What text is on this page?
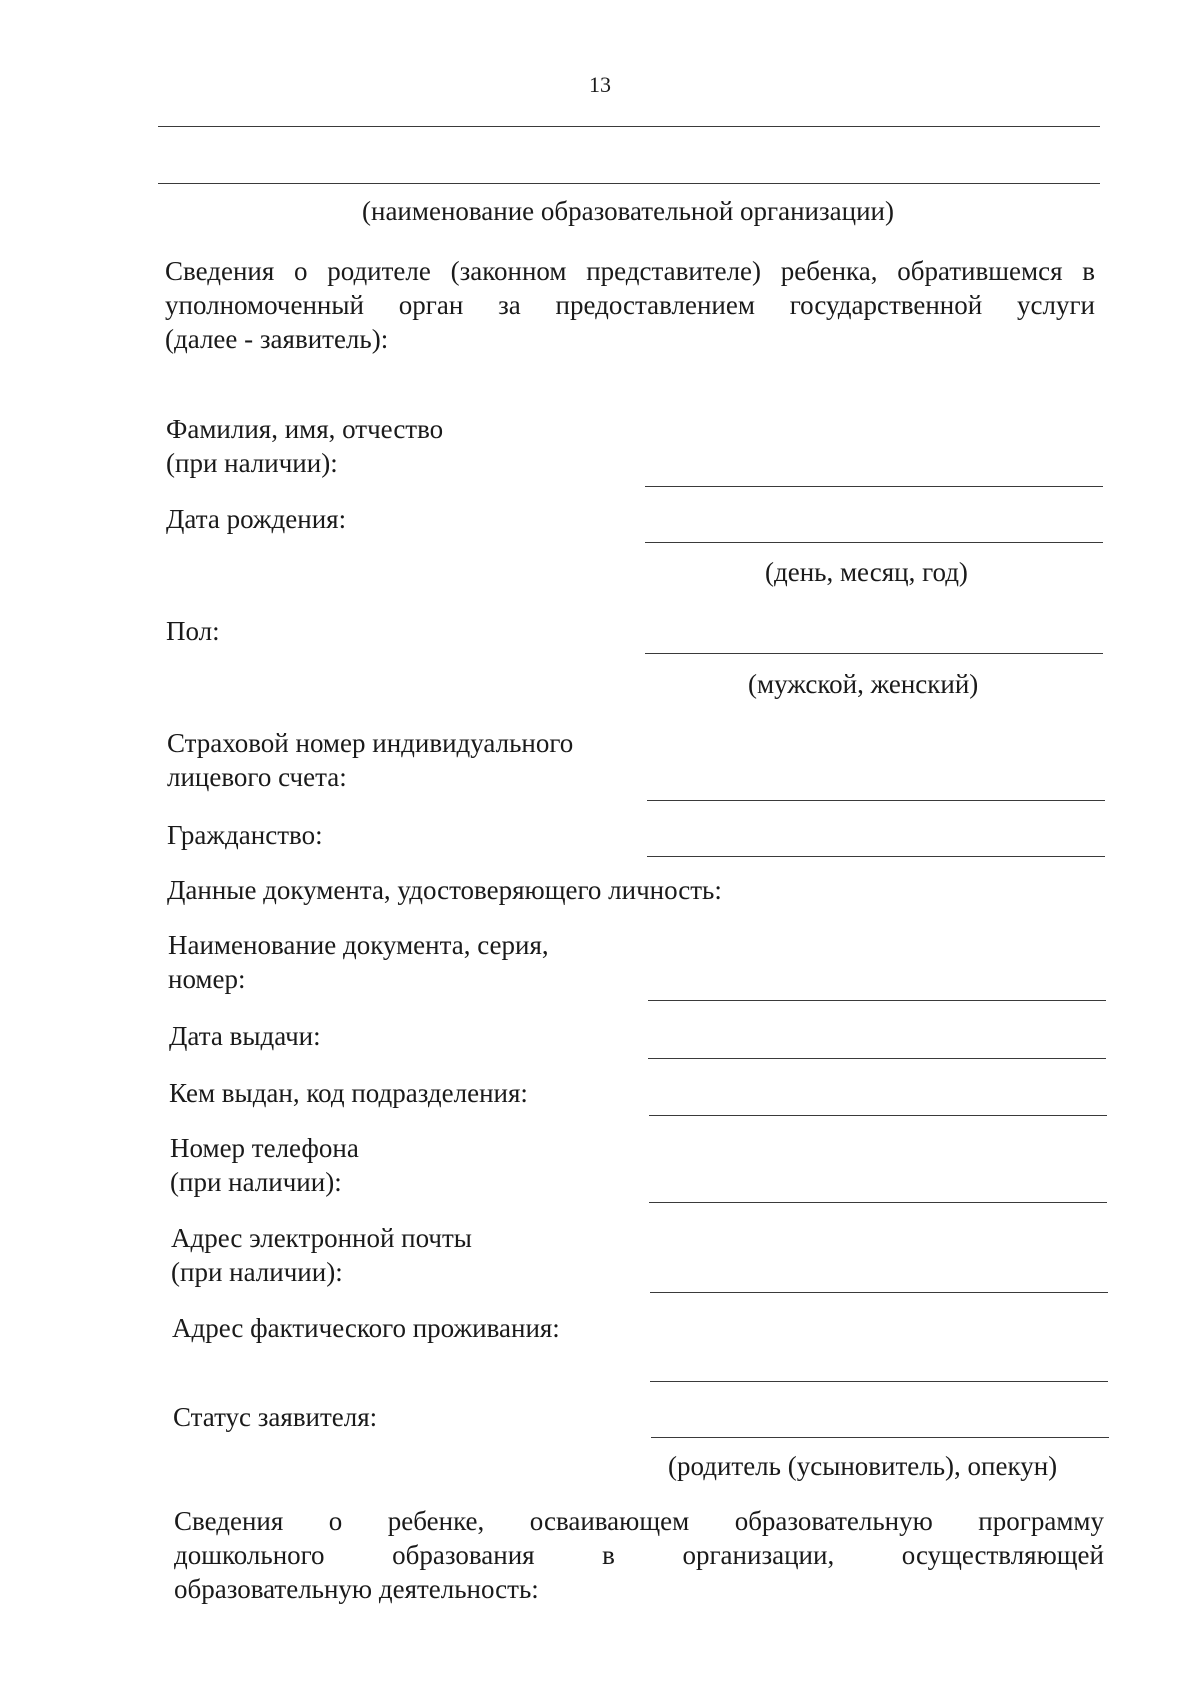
13
(наименование образовательной организации)
Сведения о родителе (законном представителе) ребенка, обратившемся в
уполномоченный орган за предоставлением государственной услуги
(далее - заявитель):
Фамилия, имя, отчество
(при наличии):
Дата рождения:
(день, месяц, год)
Пол:
(мужской, женский)
Страховой номер индивидуального
лицевого счета:
Гражданство:
Данные документа, удостоверяющего личность:
Наименование документа, серия,
номер:
Дата выдачи:
Кем выдан, код подразделения:
Номер телефона
(при наличии):
Адрес электронной почты
(при наличии):
Адрес фактического проживания:
Статус заявителя:
(родитель (усыновитель), опекун)
Сведения о ребенке, осваивающем образовательную программу
дошкольного образования в организации, осуществляющей
образовательную деятельность:
